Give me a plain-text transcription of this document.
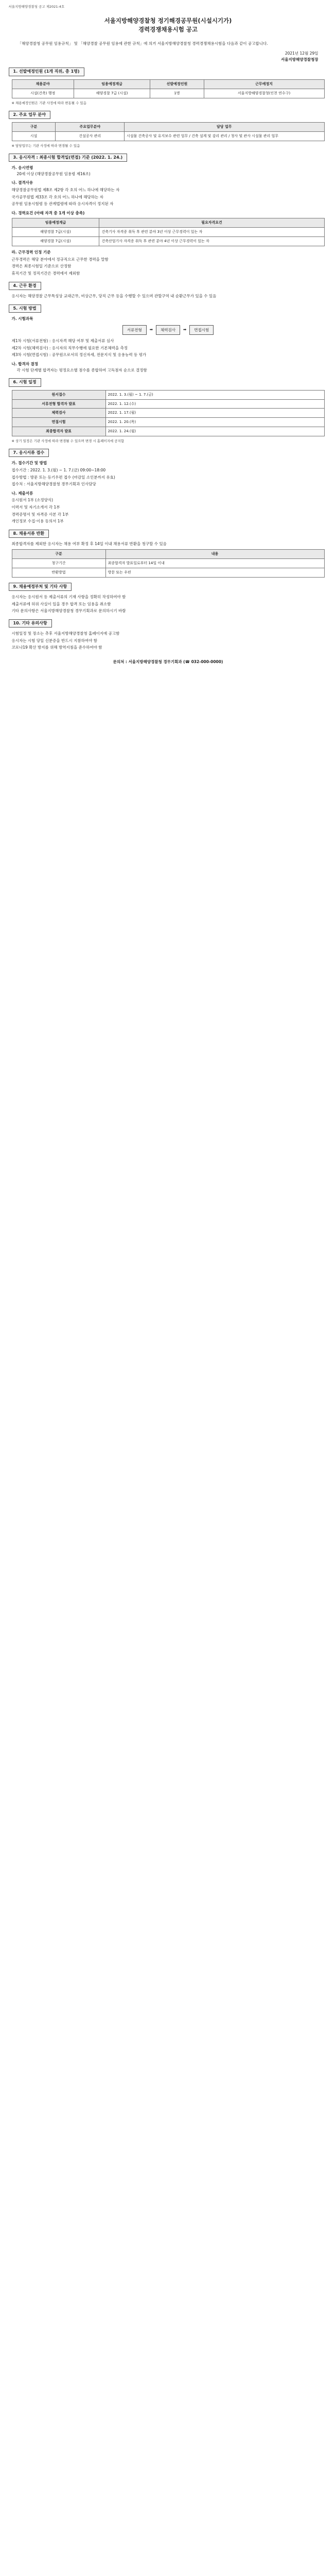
서울지방해양경찰청 공고 제2021-4호
서울지방해양경찰청 정기해경공무원(시설시기가)
경력경쟁채용시험 공고

「해양경찰청 공무원 임용규칙」 및 「해양경찰 공무원 임용에 관한 규칙」에 의거 서울지방해양경찰청 경력경쟁채용시험을 다음과 같이 공고합니다.

2021년 12월 29일
서울지방해양경찰청장
1. 선발예정인원 (1개 직위, 총 1명)
채용분야	임용예정계급	선발예정인원	근무예정지
시설(건축) 행정	해양경찰 7급 (시설)	1명	서울지방해양경찰청(인천 연수구)
※ 채용예정인원은 기관 사정에 따라 변동될 수 있음
2. 주요 업무 분야
구분	주요업무분야	담당 업무
시설	건설공사 관리	시설물 건축공사 및 유지보수 관련 업무 / 건축 설계 및 감리 관리 / 청사 및 관사 시설물 관리 업무
※ 담당업무는 기관 사정에 따라 변경될 수 있음
3. 응시자격 : 최종시험 합격일(면접) 기준 (2022. 1. 24.)
가. 응시연령
20세 이상 (해양경찰공무원 임용령 제16조)
나. 결격사유
해양경찰공무원법 제8조 제2항 각 호의 어느 하나에 해당하는 자
국가공무원법 제33조 각 호의 어느 하나에 해당하는 자
공무원 임용시험령 등 관계법령에 따라 응시자격이 정지된 자
다. 경력요건 (아래 자격 중 1개 이상 충족)
임용예정계급	필요자격요건
해양경찰 7급(시설)	건축기사 자격증 취득 후 관련 분야 3년 이상 근무경력이 있는 자
해양경찰 7급(시설)	건축산업기사 자격증 취득 후 관련 분야 4년 이상 근무경력이 있는 자
라. 근무경력 인정 기준
근무경력은 해당 분야에서 정규직으로 근무한 경력을 말함
경력은 최종시험일 기준으로 산정함
휴직기간 및 정직기간은 경력에서 제외함
4. 근무 환경
응시자는 해양경찰 근무특성상 교대근무, 비상근무, 당직 근무 등을 수행할 수 있으며 관할구역 내 순환근무가 있을 수 있음
5. 시험 방법
가. 시험과목
서류전형	➡	체력검사	➡	면접시험
제1차 시험(서류전형) : 응시자격 해당 여부 및 제출서류 심사
제2차 시험(체력검사) : 응시자의 직무수행에 필요한 기본체력을 측정
제3차 시험(면접시험) : 공무원으로서의 정신자세, 전문지식 및 응용능력 등 평가
나. 합격자 결정
각 시험 단계별 합격자는 평정요소별 점수를 종합하여 고득점자 순으로 결정함
6. 시험 일정
원서접수	2022. 1. 3.(월) ~ 1. 7.(금)
서류전형 합격자 발표	2022. 1. 12.(수)
체력검사	2022. 1. 17.(월)
면접시험	2022. 1. 20.(목)
최종합격자 발표	2022. 1. 24.(월)
※ 상기 일정은 기관 사정에 따라 변경될 수 있으며 변경 시 홈페이지에 공지함
7. 응시서류 접수
가. 접수기간 및 방법
접수기간 : 2022. 1. 3.(월) ~ 1. 7.(금) 09:00~18:00
접수방법 : 방문 또는 등기우편 접수 (마감일 소인분까지 유효)
접수처 : 서울지방해양경찰청 경무기획과 인사담당
나. 제출서류
응시원서 1부 (소정양식)
이력서 및 자기소개서 각 1부
경력증명서 및 자격증 사본 각 1부
개인정보 수집·이용 동의서 1부
8. 채용서류 반환
최종합격자를 제외한 응시자는 채용 여부 확정 후 14일 이내 채용서류 반환을 청구할 수 있음
구분	내용
청구기간	최종합격자 발표일로부터 14일 이내
반환방법	방문 또는 우편
9. 채용예정부처 및 기타 사항
응시자는 응시원서 등 제출서류의 기재 사항을 정확히 작성하여야 함
제출서류에 허위 사실이 있을 경우 합격 또는 임용을 취소함
기타 문의사항은 서울지방해양경찰청 경무기획과로 문의하시기 바람
10. 기타 유의사항
시험일정 및 장소는 추후 서울지방해양경찰청 홈페이지에 공고함
응시자는 시험 당일 신분증을 반드시 지참하여야 함
코로나19 확산 방지를 위해 방역지침을 준수하여야 함
문의처 : 서울지방해양경찰청 경무기획과 (☎ 032-000-0000)
